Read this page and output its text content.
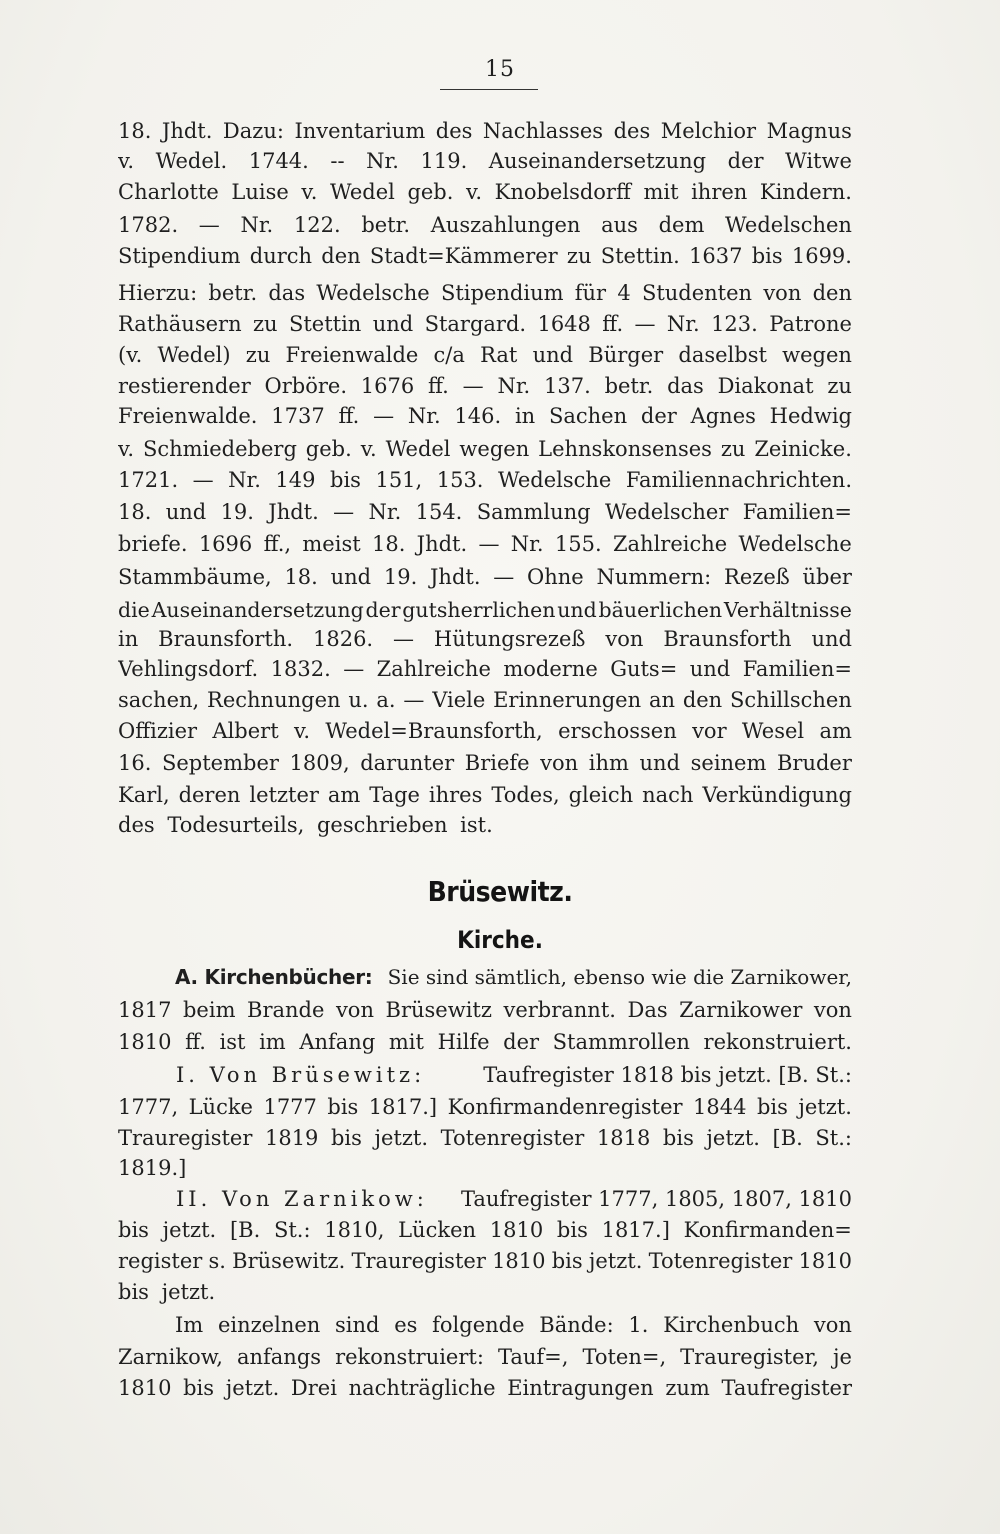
15
18. Jhdt. Dazu: Inventarium des Nachlasses des Melchior Magnus
v. Wedel. 1744. -- Nr. 119. Auseinandersetzung der Witwe
Charlotte Luise v. Wedel geb. v. Knobelsdorff mit ihren Kindern.
1782. — Nr. 122. betr. Auszahlungen aus dem Wedelschen
Stipendium durch den Stadt=Kämmerer zu Stettin. 1637 bis 1699.
Hierzu: betr. das Wedelsche Stipendium für 4 Studenten von den
Rathäusern zu Stettin und Stargard. 1648 ff. — Nr. 123. Patrone
(v. Wedel) zu Freienwalde c/a Rat und Bürger daselbst wegen
restierender Orböre. 1676 ff. — Nr. 137. betr. das Diakonat zu
Freienwalde. 1737 ff. — Nr. 146. in Sachen der Agnes Hedwig
v. Schmiedeberg geb. v. Wedel wegen Lehnskonsenses zu Zeinicke.
1721. — Nr. 149 bis 151, 153. Wedelsche Familiennachrichten.
18. und 19. Jhdt. — Nr. 154. Sammlung Wedelscher Familien=
briefe. 1696 ff., meist 18. Jhdt. — Nr. 155. Zahlreiche Wedelsche
Stammbäume, 18. und 19. Jhdt. — Ohne Nummern: Rezeß über
die Auseinandersetzung der gutsherrlichen und bäuerlichen Verhältnisse
in Braunsforth. 1826. — Hütungsrezeß von Braunsforth und
Vehlingsdorf. 1832. — Zahlreiche moderne Guts= und Familien=
sachen, Rechnungen u. a. — Viele Erinnerungen an den Schillschen
Offizier Albert v. Wedel=Braunsforth, erschossen vor Wesel am
16. September 1809, darunter Briefe von ihm und seinem Bruder
Karl, deren letzter am Tage ihres Todes, gleich nach Verkündigung
des Todesurteils, geschrieben ist.
Brüsewitz.
Kirche.
A. Kirchenbücher: Sie sind sämtlich, ebenso wie die Zarnikower,
1817 beim Brande von Brüsewitz verbrannt. Das Zarnikower von
1810 ff. ist im Anfang mit Hilfe der Stammrollen rekonstruiert.
I. Von Brüsewitz:	Taufregister 1818 bis jetzt. [B. St.:
1777, Lücke 1777 bis 1817.] Konfirmandenregister 1844 bis jetzt.
Trauregister 1819 bis jetzt. Totenregister 1818 bis jetzt. [B. St.:
1819.]
II. Von Zarnikow: Taufregister 1777, 1805, 1807, 1810
bis jetzt. [B. St.: 1810, Lücken 1810 bis 1817.] Konfirmanden=
register s. Brüsewitz. Trauregister 1810 bis jetzt. Totenregister 1810
bis jetzt.
Im einzelnen sind es folgende Bände: 1. Kirchenbuch von
Zarnikow, anfangs rekonstruiert: Tauf=, Toten=, Trauregister, je
1810 bis jetzt. Drei nachträgliche Eintragungen zum Taufregister
